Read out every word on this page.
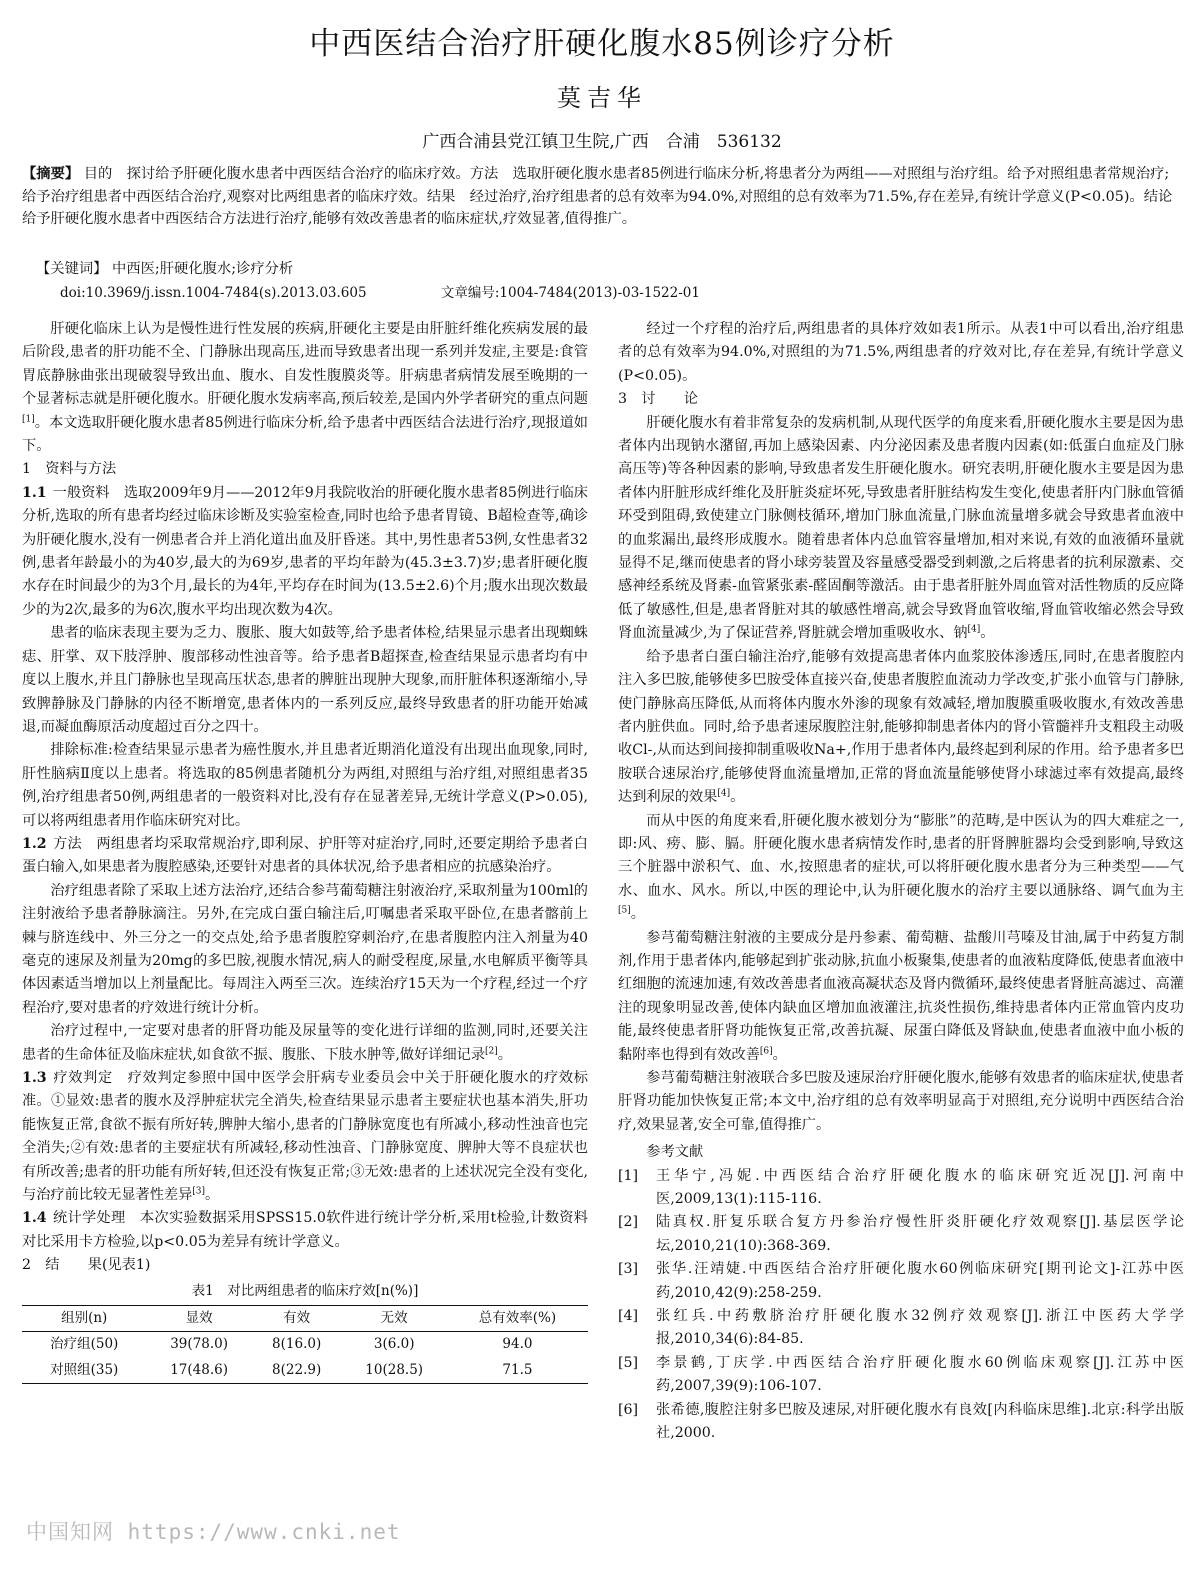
中西医结合治疗肝硬化腹水85例诊疗分析
莫吉华
广西合浦县党江镇卫生院,广西　合浦　536132
【摘要】 目的　探讨给予肝硬化腹水患者中西医结合治疗的临床疗效。方法　选取肝硬化腹水患者85例进行临床分析,将患者分为两组——对照组与治疗组。给予对照组患者常规治疗;给予治疗组患者中西医结合治疗,观察对比两组患者的临床疗效。结果　经过治疗,治疗组患者的总有效率为94.0%,对照组的总有效率为71.5%,存在差异,有统计学意义(P<0.05)。结论　给予肝硬化腹水患者中西医结合方法进行治疗,能够有效改善患者的临床症状,疗效显著,值得推广。
【关键词】 中西医;肝硬化腹水;诊疗分析
doi:10.3969/j.issn.1004-7484(s).2013.03.605	文章编号:1004-7484(2013)-03-1522-01

肝硬化临床上认为是慢性进行性发展的疾病,肝硬化主要是由肝脏纤维化疾病发展的最后阶段,患者的肝功能不全、门静脉出现高压,进而导致患者出现一系列并发症,主要是:食管胃底静脉曲张出现破裂导致出血、腹水、自发性腹膜炎等。肝病患者病情发展至晚期的一个显著标志就是肝硬化腹水。肝硬化腹水发病率高,预后较差,是国内外学者研究的重点问题[1]。本文选取肝硬化腹水患者85例进行临床分析,给予患者中西医结合法进行治疗,现报道如下。

1　资料与方法

1.1 一般资料　选取2009年9月——2012年9月我院收治的肝硬化腹水患者85例进行临床分析,选取的所有患者均经过临床诊断及实验室检查,同时也给予患者胃镜、B超检查等,确诊为肝硬化腹水,没有一例患者合并上消化道出血及肝昏迷。其中,男性患者53例,女性患者32例,患者年龄最小的为40岁,最大的为69岁,患者的平均年龄为(45.3±3.7)岁;患者肝硬化腹水存在时间最少的为3个月,最长的为4年,平均存在时间为(13.5±2.6)个月;腹水出现次数最少的为2次,最多的为6次,腹水平均出现次数为4次。

患者的临床表现主要为乏力、腹胀、腹大如鼓等,给予患者体检,结果显示患者出现蜘蛛痣、肝掌、双下肢浮肿、腹部移动性浊音等。给予患者B超探查,检查结果显示患者均有中度以上腹水,并且门静脉也呈现高压状态,患者的脾脏出现肿大现象,而肝脏体积逐渐缩小,导致脾静脉及门静脉的内径不断增宽,患者体内的一系列反应,最终导致患者的肝功能开始减退,而凝血酶原活动度超过百分之四十。

排除标准:检查结果显示患者为癌性腹水,并且患者近期消化道没有出现出血现象,同时,肝性脑病Ⅱ度以上患者。将选取的85例患者随机分为两组,对照组与治疗组,对照组患者35例,治疗组患者50例,两组患者的一般资料对比,没有存在显著差异,无统计学意义(P>0.05),可以将两组患者用作临床研究对比。

1.2 方法　两组患者均采取常规治疗,即利尿、护肝等对症治疗,同时,还要定期给予患者白蛋白输入,如果患者为腹腔感染,还要针对患者的具体状况,给予患者相应的抗感染治疗。

治疗组患者除了采取上述方法治疗,还结合参芎葡萄糖注射液治疗,采取剂量为100ml的注射液给予患者静脉滴注。另外,在完成白蛋白输注后,叮嘱患者采取平卧位,在患者髂前上棘与脐连线中、外三分之一的交点处,给予患者腹腔穿刺治疗,在患者腹腔内注入剂量为40毫克的速尿及剂量为20mg的多巴胺,视腹水情况,病人的耐受程度,尿量,水电解质平衡等具体因素适当增加以上剂量配比。每周注入两至三次。连续治疗15天为一个疗程,经过一个疗程治疗,要对患者的疗效进行统计分析。

治疗过程中,一定要对患者的肝肾功能及尿量等的变化进行详细的监测,同时,还要关注患者的生命体征及临床症状,如食欲不振、腹胀、下肢水肿等,做好详细记录[2]。

1.3 疗效判定　疗效判定参照中国中医学会肝病专业委员会中关于肝硬化腹水的疗效标准。①显效:患者的腹水及浮肿症状完全消失,检查结果显示患者主要症状也基本消失,肝功能恢复正常,食欲不振有所好转,脾肿大缩小,患者的门静脉宽度也有所减小,移动性浊音也完全消失;②有效:患者的主要症状有所减轻,移动性浊音、门静脉宽度、脾肿大等不良症状也有所改善;患者的肝功能有所好转,但还没有恢复正常;③无效:患者的上述状况完全没有变化,与治疗前比较无显著性差异[3]。

1.4 统计学处理　本次实验数据采用SPSS15.0软件进行统计学分析,采用t检验,计数资料对比采用卡方检验,以p<0.05为差异有统计学意义。

2　结　　果(见表1)

表1　对比两组患者的临床疗效[n(%)]
组别(n)	显效	有效	无效	总有效率(%)
治疗组(50)	39(78.0)	8(16.0)	3(6.0)	94.0
对照组(35)	17(48.6)	8(22.9)	10(28.5)	71.5

经过一个疗程的治疗后,两组患者的具体疗效如表1所示。从表1中可以看出,治疗组患者的总有效率为94.0%,对照组的为71.5%,两组患者的疗效对比,存在差异,有统计学意义(P<0.05)。

3　讨　　论

肝硬化腹水有着非常复杂的发病机制,从现代医学的角度来看,肝硬化腹水主要是因为患者体内出现钠水潴留,再加上感染因素、内分泌因素及患者腹内因素(如:低蛋白血症及门脉高压等)等各种因素的影响,导致患者发生肝硬化腹水。研究表明,肝硬化腹水主要是因为患者体内肝脏形成纤维化及肝脏炎症坏死,导致患者肝脏结构发生变化,使患者肝内门脉血管循环受到阻碍,致使建立门脉侧枝循环,增加门脉血流量,门脉血流量增多就会导致患者血液中的血浆漏出,最终形成腹水。随着患者体内总血管容量增加,相对来说,有效的血液循环量就显得不足,继而使患者的肾小球旁装置及容量感受器受到刺激,之后将患者的抗利尿激素、交感神经系统及肾素-血管紧张素-醛固酮等激活。由于患者肝脏外周血管对活性物质的反应降低了敏感性,但是,患者肾脏对其的敏感性增高,就会导致肾血管收缩,肾血管收缩必然会导致肾血流量减少,为了保证营养,肾脏就会增加重吸收水、钠[4]。

给予患者白蛋白输注治疗,能够有效提高患者体内血浆胶体渗透压,同时,在患者腹腔内注入多巴胺,能够使多巴胺受体直接兴奋,使患者腹腔血流动力学改变,扩张小血管与门静脉,使门静脉高压降低,从而将体内腹水外渗的现象有效减轻,增加腹膜重吸收腹水,有效改善患者内脏供血。同时,给予患者速尿腹腔注射,能够抑制患者体内的肾小管髓袢升支粗段主动吸收Cl-,从而达到间接抑制重吸收Na+,作用于患者体内,最终起到利尿的作用。给予患者多巴胺联合速尿治疗,能够使肾血流量增加,正常的肾血流量能够使肾小球滤过率有效提高,最终达到利尿的效果[4]。

而从中医的角度来看,肝硬化腹水被划分为“膨胀”的范畴,是中医认为的四大难症之一,即:风、痨、膨、膈。肝硬化腹水患者病情发作时,患者的肝肾脾脏器均会受到影响,导致这三个脏器中淤积气、血、水,按照患者的症状,可以将肝硬化腹水患者分为三种类型——气水、血水、风水。所以,中医的理论中,认为肝硬化腹水的治疗主要以通脉络、调气血为主[5]。

参芎葡萄糖注射液的主要成分是丹参素、葡萄糖、盐酸川芎嗪及甘油,属于中药复方制剂,作用于患者体内,能够起到扩张动脉,抗血小板聚集,使患者的血液粘度降低,使患者血液中红细胞的流速加速,有效改善患者血液高凝状态及肾内微循环,最终使患者肾脏高滤过、高灌注的现象明显改善,使体内缺血区增加血液灌注,抗炎性损伤,维持患者体内正常血管内皮功能,最终使患者肝肾功能恢复正常,改善抗凝、尿蛋白降低及肾缺血,使患者血液中血小板的黏附率也得到有效改善[6]。

参芎葡萄糖注射液联合多巴胺及速尿治疗肝硬化腹水,能够有效患者的临床症状,使患者肝肾功能加快恢复正常;本文中,治疗组的总有效率明显高于对照组,充分说明中西医结合治疗,效果显著,安全可靠,值得推广。

参考文献

[1]	王华宁,冯妮.中西医结合治疗肝硬化腹水的临床研究近况[J].河南中医,2009,13(1):115-116.
[2]	陆真权.肝复乐联合复方丹参治疗慢性肝炎肝硬化疗效观察[J].基层医学论坛,2010,21(10):368-369.
[3]	张华.汪靖婕.中西医结合治疗肝硬化腹水60例临床研究[期刊论文]-江苏中医药,2010,42(9):258-259.
[4]	张红兵.中药敷脐治疗肝硬化腹水32例疗效观察[J].浙江中医药大学学报,2010,34(6):84-85.
[5]	李景鹤,丁庆学.中西医结合治疗肝硬化腹水60例临床观察[J].江苏中医药,2007,39(9):106-107.
[6]	张希德,腹腔注射多巴胺及速尿,对肝硬化腹水有良效[内科临床思维].北京:科学出版社,2000.
中国知网 https://www.cnki.net
